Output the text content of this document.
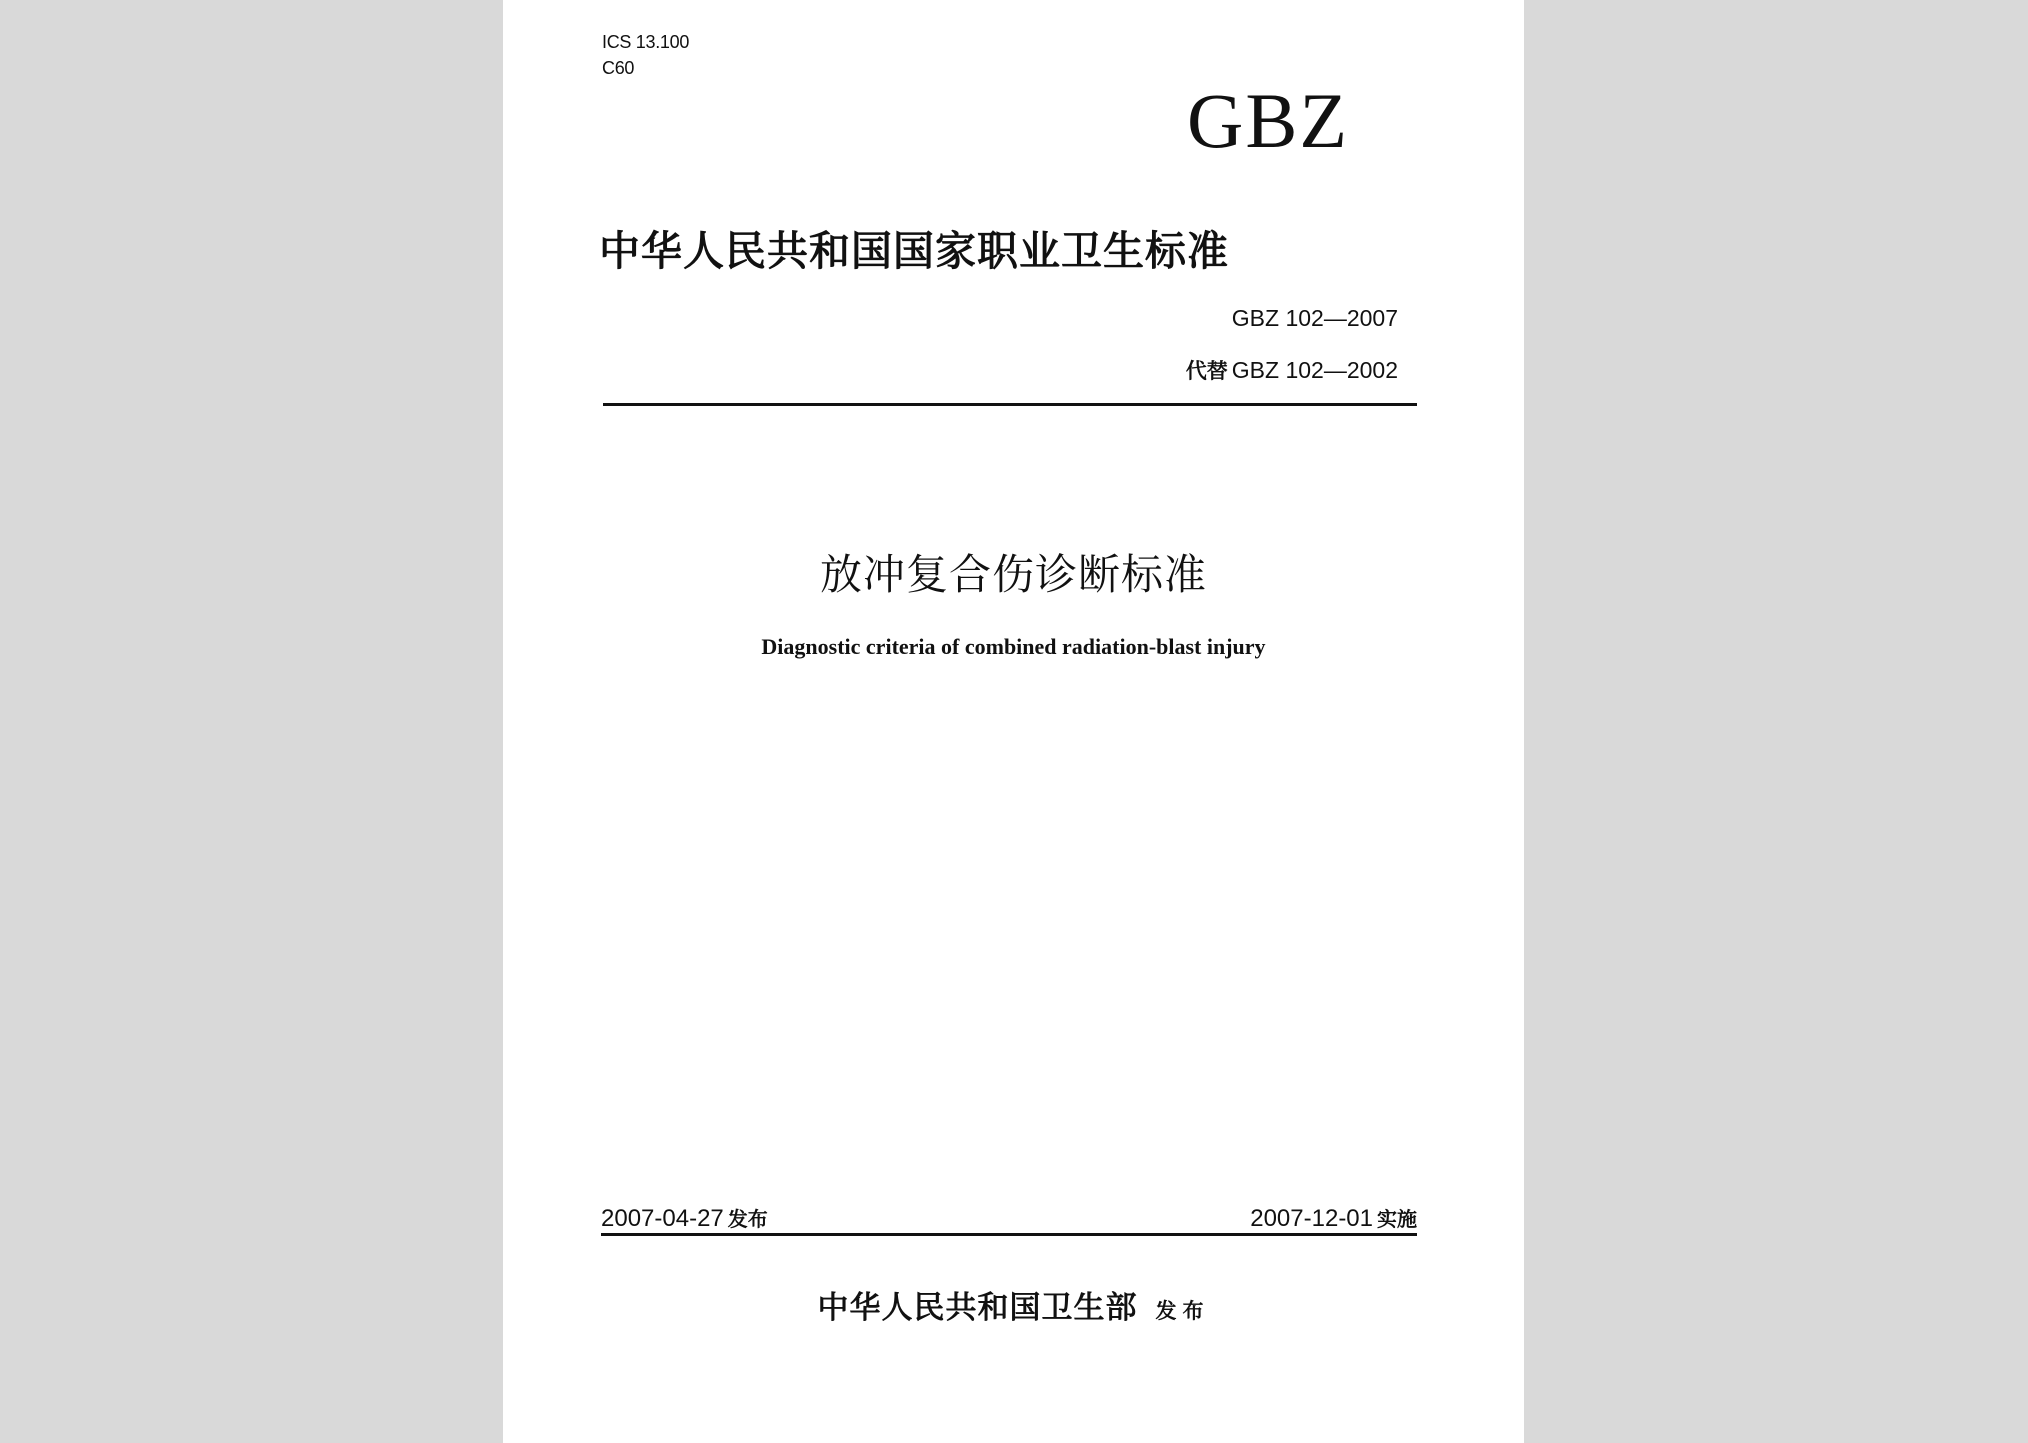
ICS 13.100
C60
GBZ
中华人民共和国国家职业卫生标准
GBZ 102—2007
代替 GBZ 102—2002
放冲复合伤诊断标准
Diagnostic criteria of combined radiation-blast injury
2007-04-27 发布	2007-12-01 实施
中华人民共和国卫生部 发布
